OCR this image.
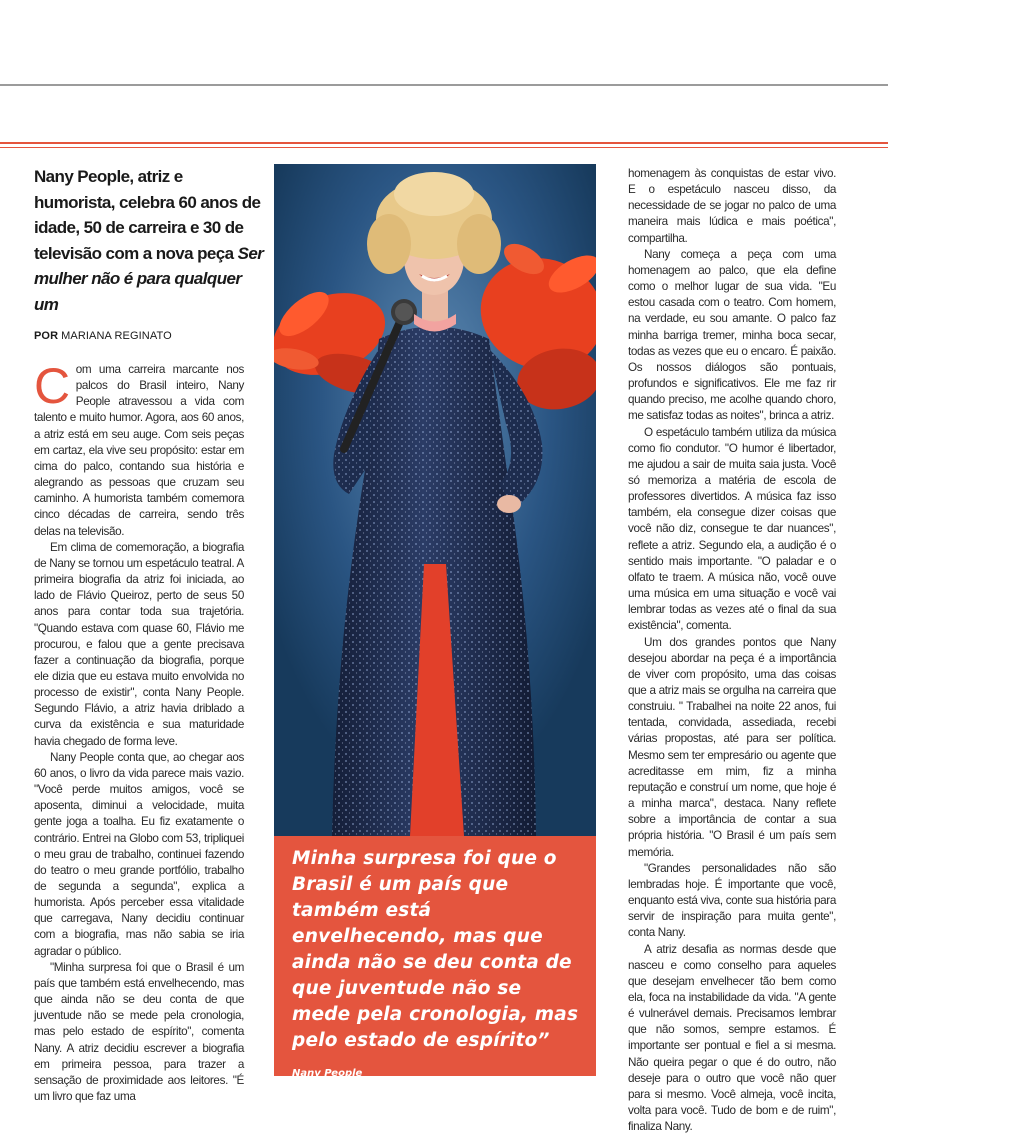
Nany People, atriz e humorista, celebra 60 anos de idade, 50 de carreira e 30 de televisão com a nova peça Ser mulher não é para qualquer um
POR MARIANA REGINATO

Com uma carreira marcante nos palcos do Brasil inteiro, Nany People atravessou a vida com talento e muito humor. Agora, aos 60 anos, a atriz está em seu auge. Com seis peças em cartaz, ela vive seu propósito: estar em cima do palco, contando sua história e alegrando as pessoas que cruzam seu caminho. A humorista também comemora cinco décadas de carreira, sendo três delas na televisão.

Em clima de comemoração, a biografia de Nany se tornou um espetáculo teatral. A primeira biografia da atriz foi iniciada, ao lado de Flávio Queiroz, perto de seus 50 anos para contar toda sua trajetória. "Quando estava com quase 60, Flávio me procurou, e falou que a gente precisava fazer a continuação da biografia, porque ele dizia que eu estava muito envolvida no processo de existir", conta Nany People. Segundo Flávio, a atriz havia driblado a curva da existência e sua maturidade havia chegado de forma leve.

Nany People conta que, ao chegar aos 60 anos, o livro da vida parece mais vazio. "Você perde muitos amigos, você se aposenta, diminui a velocidade, muita gente joga a toalha. Eu fiz exatamente o contrário. Entrei na Globo com 53, tripliquei o meu grau de trabalho, continuei fazendo do teatro o meu grande portfólio, trabalho de segunda a segunda", explica a humorista. Após perceber essa vitalidade que carregava, Nany decidiu continuar com a biografia, mas não sabia se iria agradar o público.

"Minha surpresa foi que o Brasil é um país que também está envelhecendo, mas que ainda não se deu conta de que juventude não se mede pela cronologia, mas pelo estado de espírito", comenta Nany. A atriz decidiu escrever a biografia em primeira pessoa, para trazer a sensação de proximidade aos leitores. "É um livro que faz uma

Minha surpresa foi que o Brasil é um país que também está envelhecendo, mas que ainda não se deu conta de que juventude não se mede pela cronologia, mas pelo estado de espírito”
Nany People

homenagem às conquistas de estar vivo. E o espetáculo nasceu disso, da necessidade de se jogar no palco de uma maneira mais lúdica e mais poética", compartilha.

Nany começa a peça com uma homenagem ao palco, que ela define como o melhor lugar de sua vida. "Eu estou casada com o teatro. Com homem, na verdade, eu sou amante. O palco faz minha barriga tremer, minha boca secar, todas as vezes que eu o encaro. É paixão. Os nossos diálogos são pontuais, profundos e significativos. Ele me faz rir quando preciso, me acolhe quando choro, me satisfaz todas as noites", brinca a atriz.

O espetáculo também utiliza da música como fio condutor. "O humor é libertador, me ajudou a sair de muita saia justa. Você só memoriza a matéria de escola de professores divertidos. A música faz isso também, ela consegue dizer coisas que você não diz, consegue te dar nuances", reflete a atriz. Segundo ela, a audição é o sentido mais importante. "O paladar e o olfato te traem. A música não, você ouve uma música em uma situação e você vai lembrar todas as vezes até o final da sua existência", comenta.

Um dos grandes pontos que Nany desejou abordar na peça é a importância de viver com propósito, uma das coisas que a atriz mais se orgulha na carreira que construiu. " Trabalhei na noite 22 anos, fui tentada, convidada, assediada, recebi várias propostas, até para ser política. Mesmo sem ter empresário ou agente que acreditasse em mim, fiz a minha reputação e construí um nome, que hoje é a minha marca", destaca. Nany reflete sobre a importância de contar a sua própria história. "O Brasil é um país sem memória.

"Grandes personalidades não são lembradas hoje. É importante que você, enquanto está viva, conte sua história para servir de inspiração para muita gente", conta Nany.

A atriz desafia as normas desde que nasceu e como conselho para aqueles que desejam envelhecer tão bem como ela, foca na instabilidade da vida. "A gente é vulnerável demais. Precisamos lembrar que não somos, sempre estamos. É importante ser pontual e fiel a si mesma. Não queira pegar o que é do outro, não deseje para o outro que você não quer para si mesmo. Você almeja, você incita, volta para você. Tudo de bom e de ruim", finaliza Nany.
